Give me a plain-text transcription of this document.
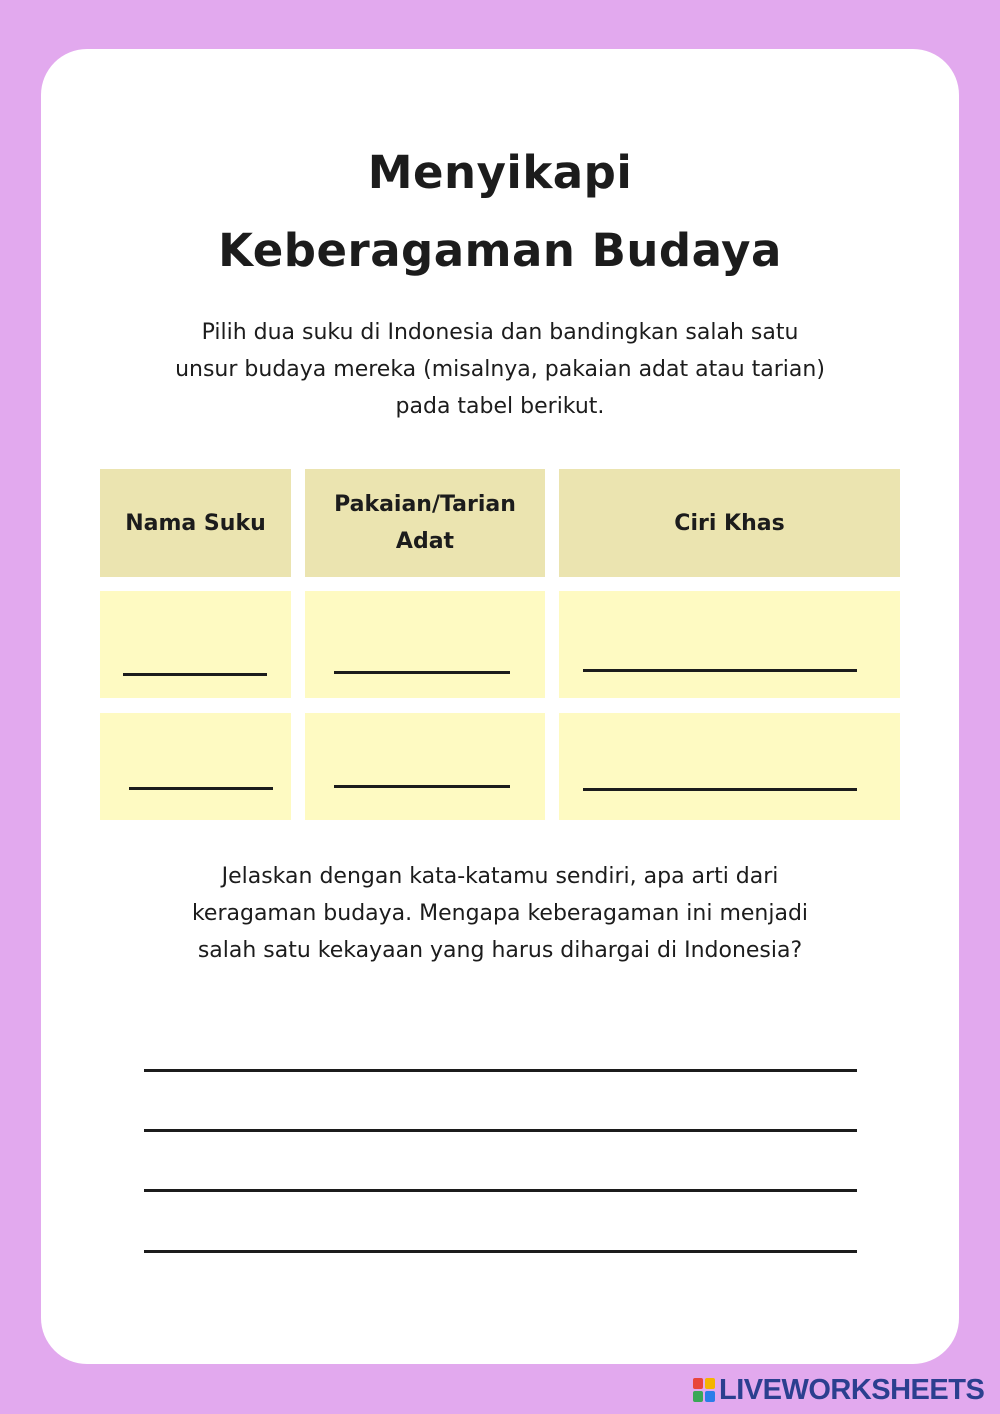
Menyikapi
Keberagaman Budaya

Pilih dua suku di Indonesia dan bandingkan salah satu
unsur budaya mereka (misalnya, pakaian adat atau tarian)
pada tabel berikut.

Nama Suku
Pakaian/Tarian
Adat
Ciri Khas

Jelaskan dengan kata-katamu sendiri, apa arti dari
keragaman budaya. Mengapa keberagaman ini menjadi
salah satu kekayaan yang harus dihargai di Indonesia?

LIVEWORKSHEETS
